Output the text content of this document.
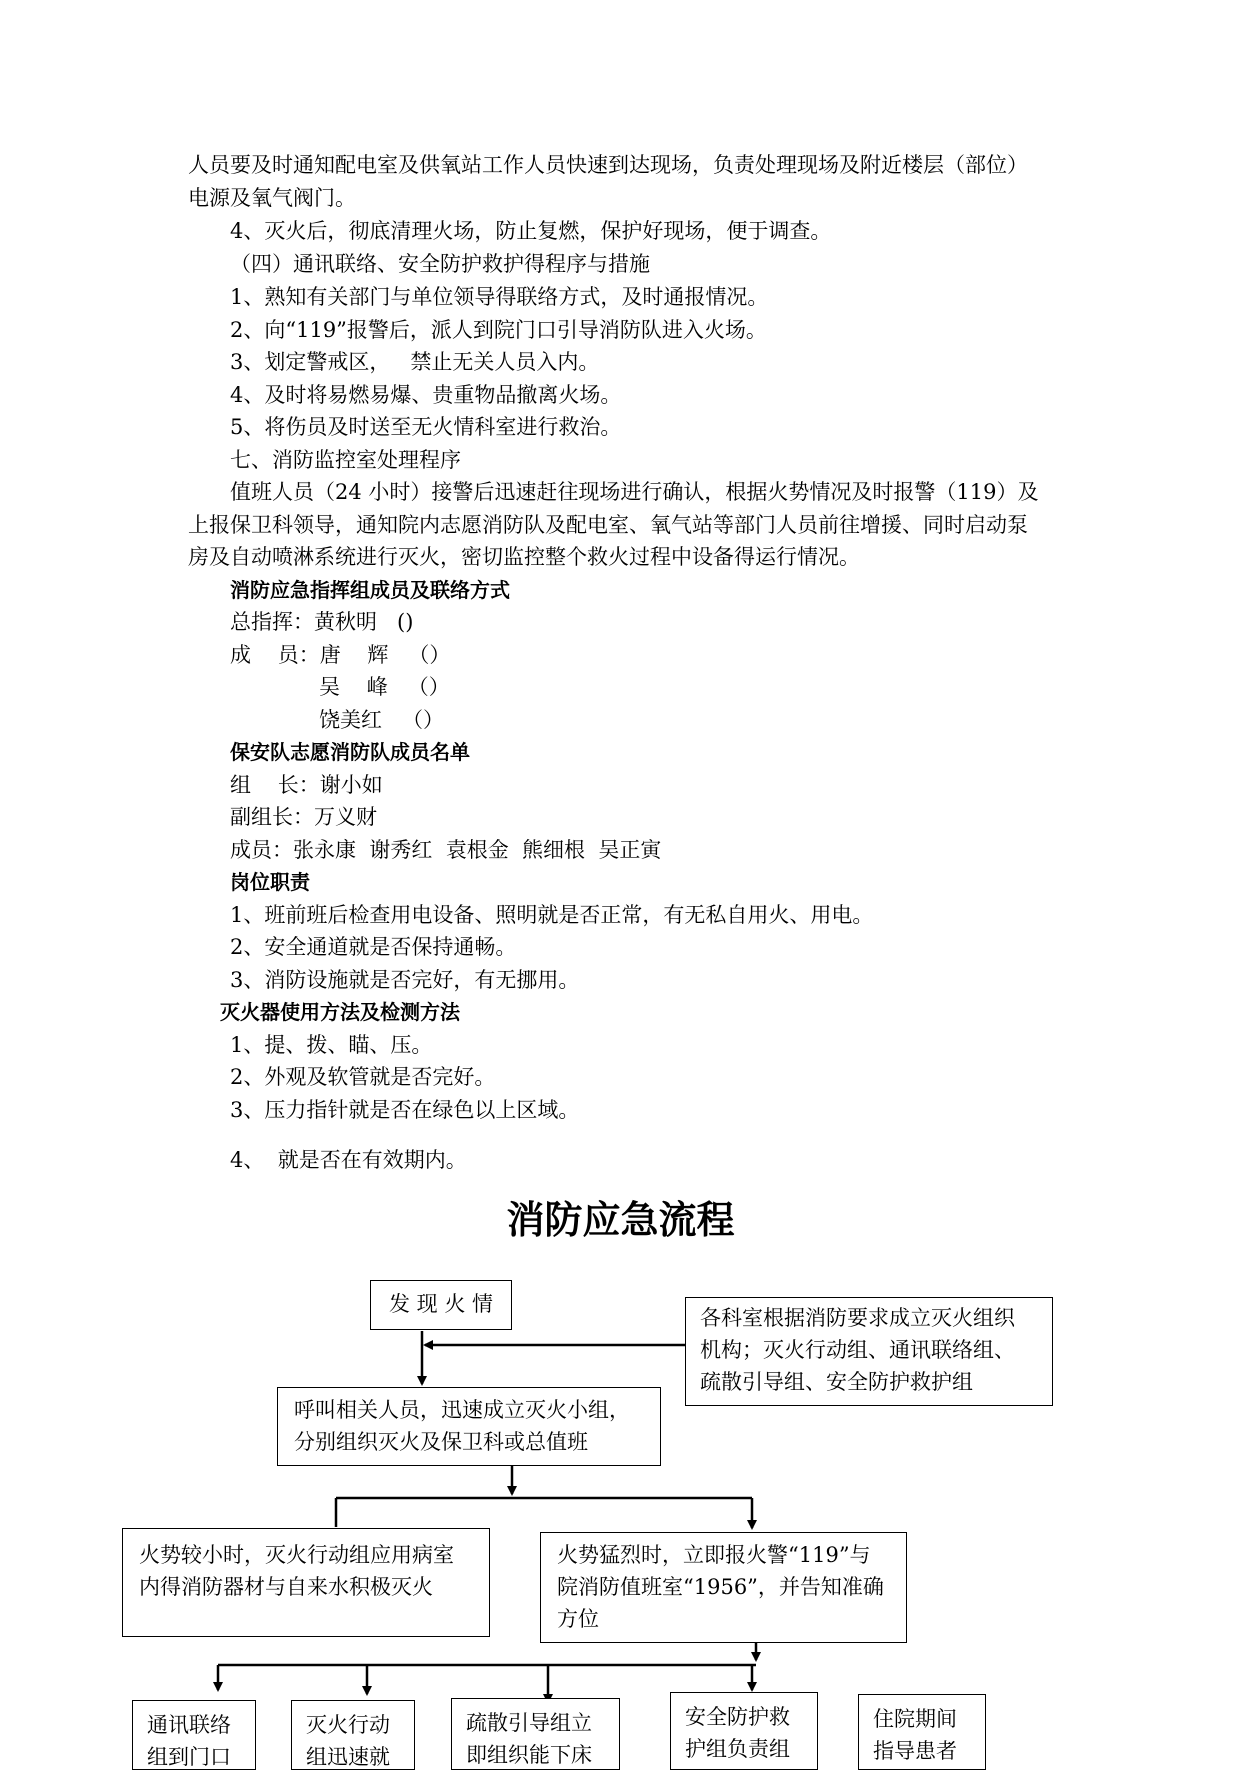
人员要及时通知配电室及供氧站工作人员快速到达现场，负责处理现场及附近楼层（部位）
电源及氧气阀门。
4、灭火后，彻底清理火场，防止复燃，保护好现场，便于调查。
（四）通讯联络、安全防护救护得程序与措施
1、熟知有关部门与单位领导得联络方式，及时通报情况。
2、向“119”报警后，派人到院门口引导消防队进入火场。
3、划定警戒区，   禁止无关人员入内。
4、及时将易燃易爆、贵重物品撤离火场。
5、将伤员及时送至无火情科室进行救治。
七、消防监控室处理程序
值班人员（24 小时）接警后迅速赶往现场进行确认，根据火势情况及时报警（119）及
上报保卫科领导，通知院内志愿消防队及配电室、氧气站等部门人员前往增援、同时启动泵
房及自动喷淋系统进行灭火，密切监控整个救火过程中设备得运行情况。
消防应急指挥组成员及联络方式
总指挥：黄秋明   ()
成    员：唐    辉   （）
吴    峰   （）
饶美红   （）
保安队志愿消防队成员名单
组    长：谢小如
副组长：万义财
成员：张永康  谢秀红  袁根金  熊细根  吴正寅
岗位职责
1、班前班后检查用电设备、照明就是否正常，有无私自用火、用电。
2、安全通道就是否保持通畅。
3、消防设施就是否完好，有无挪用。
灭火器使用方法及检测方法
1、提、拨、瞄、压。
2、外观及软管就是否完好。
3、压力指针就是否在绿色以上区域。
4、  就是否在有效期内。
消防应急流程
发 现 火 情
各科室根据消防要求成立灭火组织
机构；灭火行动组、通讯联络组、
疏散引导组、安全防护救护组
呼叫相关人员，迅速成立灭火小组，
分别组织灭火及保卫科或总值班
火势较小时，灭火行动组应用病室
内得消防器材与自来水积极灭火
火势猛烈时，立即报火警“119”与
院消防值班室“1956”，并告知准确
方位
通讯联络
组到门口
灭火行动
组迅速就
疏散引导组立
即组织能下床
安全防护救
护组负责组
住院期间
指导患者
